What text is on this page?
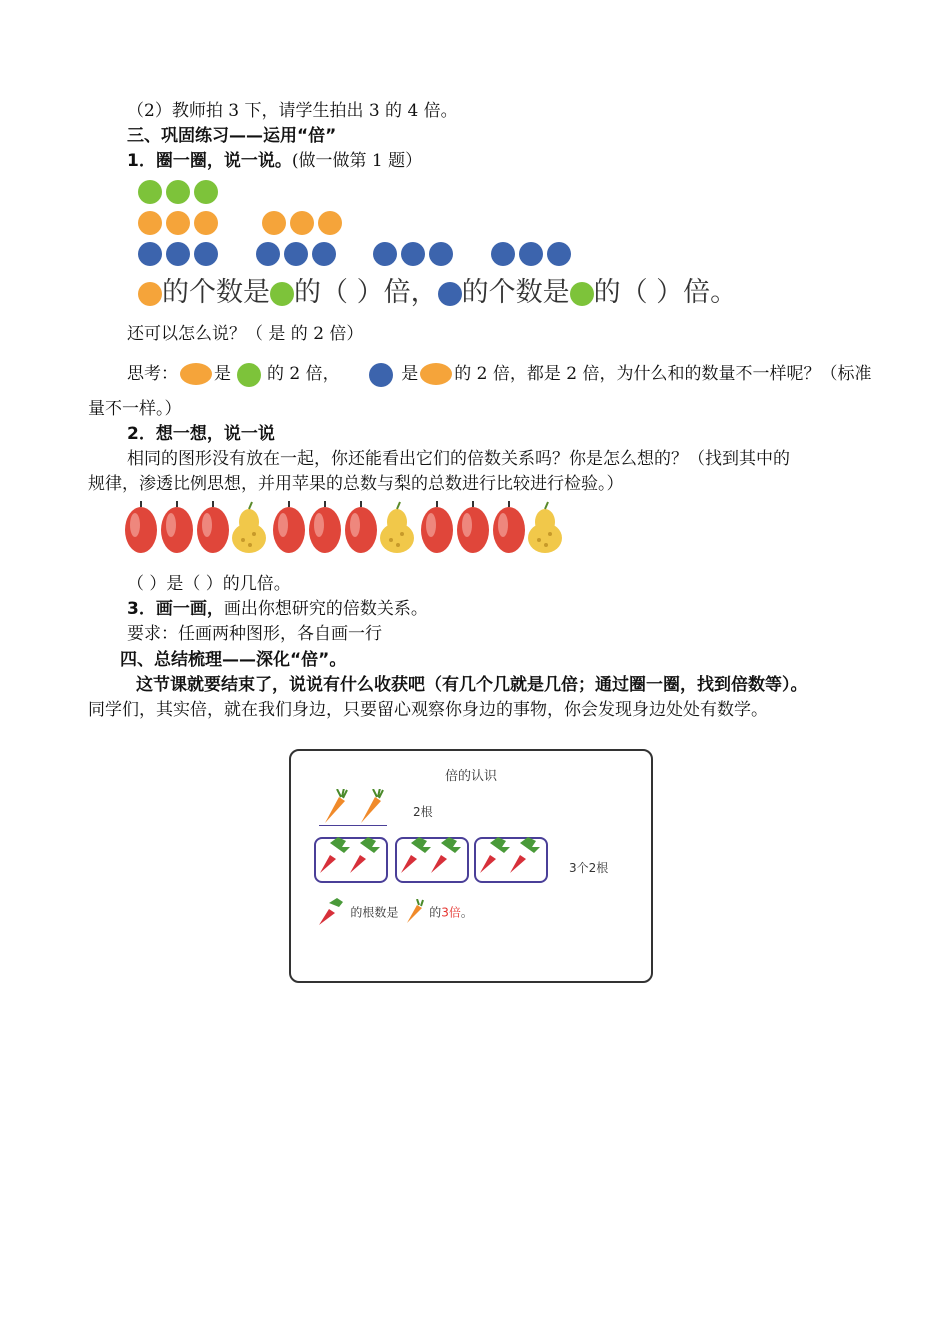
（2）教师拍 3 下，请学生拍出 3 的 4 倍。
三、巩固练习——运用“倍”
1．圈一圈，说一说。(做一做第 1 题）
的个数是 的（ ）倍， 的个数是 的（ ）倍。
还可以怎么说？（ 是 的 2 倍）
思考： 是 的 2 倍，	是 的 2 倍，都是 2 倍，为什么和的数量不一样呢？（标准
量不一样。）
2．想一想，说一说
相同的图形没有放在一起，你还能看出它们的倍数关系吗？你是怎么想的？（找到其中的
规律，渗透比例思想，并用苹果的总数与梨的总数进行比较进行检验。）
（ ）是（ ）的几倍。
3．画一画，画出你想研究的倍数关系。
要求：任画两种图形，各自画一行
四、总结梳理——深化“倍”。
这节课就要结束了，说说有什么收获吧（有几个几就是几倍；通过圈一圈，找到倍数等）。
同学们，其实倍，就在我们身边，只要留心观察你身边的事物，你会发现身边处处有数学。
倍的认识
2根
3个2根
的根数是	的3倍。
